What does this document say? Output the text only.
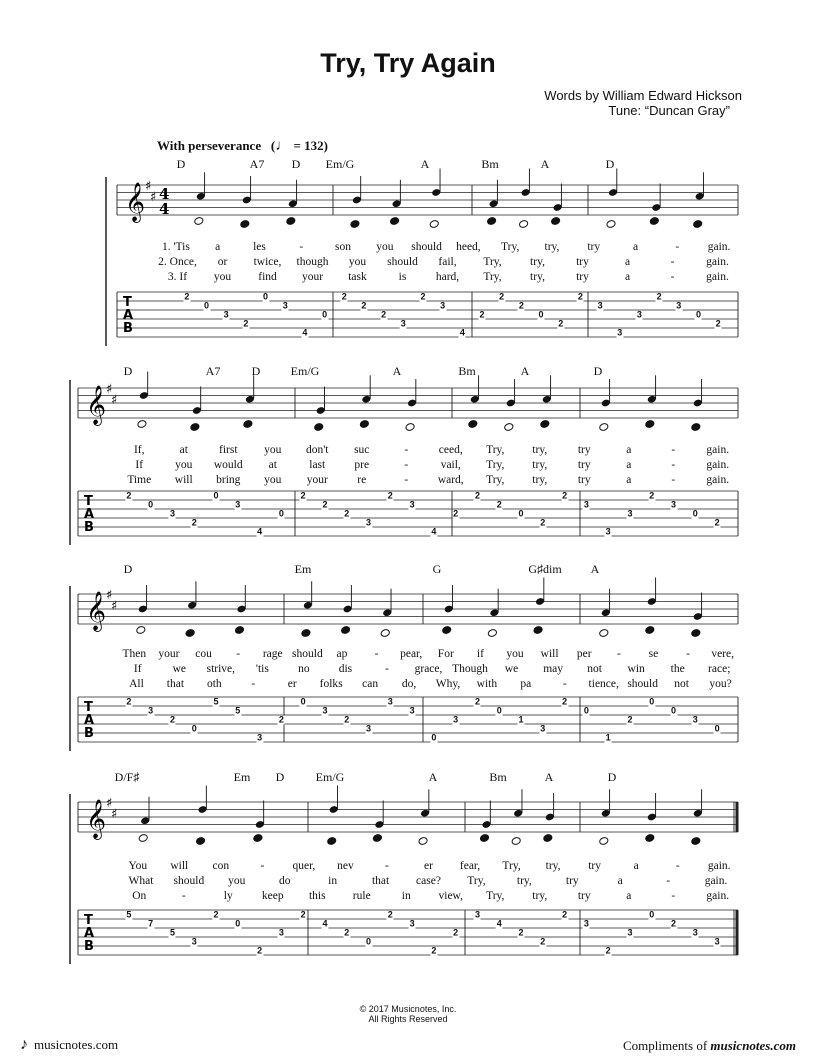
Try, Try Again
Words by William Edward Hickson
Tune: “Duncan Gray”
With perseverance   (♩ = 132)
𝄞 ♯
♯ 4
4
T
A
B
𝄞 ♯
♯
T
A
B
𝄞 ♯
♯
T
A
B
𝄞 ♯
♯
T
A
B
D	A7 D Em/G	A	Bm	A	D
1. 'Tis a	les	-	son you should heed, Try, try, try	a	- gain.
2. Once, or twice, though you should fail, Try, try,	try	a	-	gain.
3. If you find your task	is	hard, Try, try,	try	a	-	gain.
2
0
3
2
0
3
4
0
2
2
2
3
2
3
4
2
2
2
0
2
2
3
3
3
2
3
0
2
D	A7	D	Em/G	A	Bm	A	D
If,	at	first you don't suc	-	ceed, Try, try,	try	a	-	gain.
If	you would at	last	pre	-	vail, Try, try,	try	a	-	gain.
Time will bring you your	re	-	ward, Try, try,	try	a	-	gain.
2
0
3
2
0
3
4
0
2
2
2
3
2
3
4
2
2
2
0
2
2
3
3
3
2
3
0
2
D	Em	G	G♯dim A
Then your cou - rage should ap - pear, For if you will per - se - vere,
If	we strive, 'tis	no	dis	- grace, Though we may not win the race;
All that oth	-	er folks can do, Why, with pa	- tience, should not you?
2
3
2
0
5
5
3
2
0
3
2
3
3
3
0
3
2
0
1
3
2
0
1
2
0
0
3
0
D/F♯	Em D	Em/G	A	Bm	A	D
You will con	- quer, nev	-	er fear, Try, try, try	a	- gain.
What should you	do	in	that case? Try,	try,	try	a	-	gain.
On	-	ly	keep this rule	in view, Try, try,	try	a	-	gain.
5
7
5
3
2
0
2
3
2
4
2
0
2
3
2
2
3
4
2
2
2
3
2
3
0
2
3
3
© 2017 Musicnotes, Inc.
All Rights Reserved
♪ musicnotes.com	Compliments of musicnotes.com
